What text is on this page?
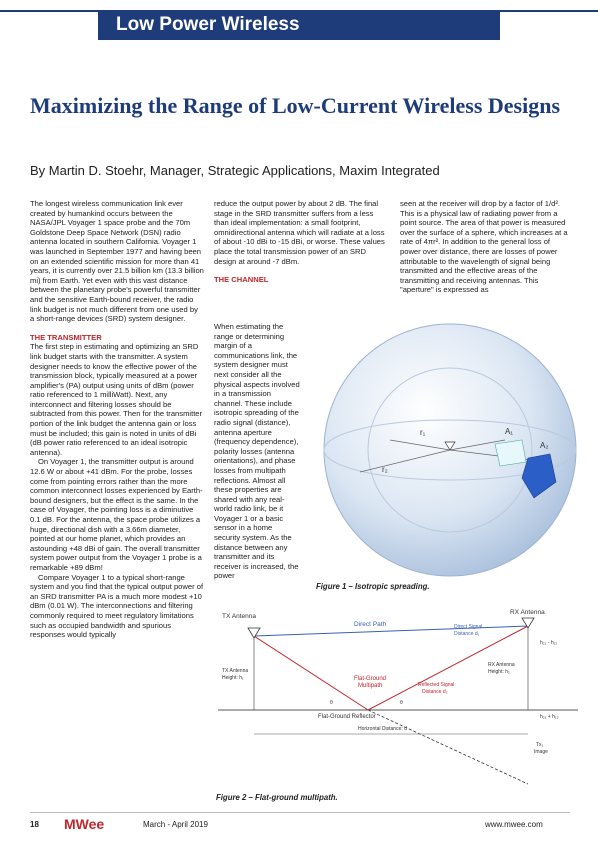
Low Power Wireless
Maximizing the Range of Low-Current Wireless Designs
By Martin D. Stoehr, Manager, Strategic Applications, Maxim Integrated

The longest wireless communication link ever created by humankind occurs between the NASA/JPL Voyager 1 space probe and the 70m Goldstone Deep Space Network (DSN) radio antenna located in southern California. Voyager 1 was launched in September 1977 and having been on an extended scientific mission for more than 41 years, it is currently over 21.5 billion km (13.3 billion mi) from Earth. Yet even with this vast distance between the planetary probe's powerful transmitter and the sensitive Earth-bound receiver, the radio link budget is not much different from one used by a short-range devices (SRD) system designer.

THE TRANSMITTER

The first step in estimating and optimizing an SRD link budget starts with the transmitter. A system designer needs to know the effective power of the transmission block, typically measured at a power amplifier's (PA) output using units of dBm (power ratio referenced to 1 milliWatt). Next, any interconnect and filtering losses should be subtracted from this power. Then for the transmitter portion of the link budget the antenna gain or loss must be included; this gain is noted in units of dBi (dB power ratio referenced to an ideal isotropic antenna).

On Voyager 1, the transmitter output is around 12.6 W or about +41 dBm. For the probe, losses come from pointing errors rather than the more common interconnect losses experienced by Earth-bound designers, but the effect is the same. In the case of Voyager, the pointing loss is a diminutive 0.1 dB. For the antenna, the space probe utilizes a huge, directional dish with a 3.66m diameter, pointed at our home planet, which provides an astounding +48 dBi of gain. The overall transmitter system power output from the Voyager 1 probe is a remarkable +89 dBm!

Compare Voyager 1 to a typical short-range system and you find that the typical output power of an SRD transmitter PA is a much more modest +10 dBm (0.01 W). The interconnections and filtering commonly required to meet regulatory limitations such as occupied bandwidth and spurious responses would typically

reduce the output power by about 2 dB. The final stage in the SRD transmitter suffers from a less than ideal implementation: a small footprint, omnidirectional antenna which will radiate at a loss of about -10 dBi to -15 dBi, or worse. These values place the total transmission power of an SRD design at around -7 dBm.

THE CHANNEL

When estimating the range or determining margin of a communications link, the system designer must next consider all the physical aspects involved in a transmission channel. These include isotropic spreading of the radio signal (distance), antenna aperture (frequency dependence), polarity losses (antenna orientations), and phase losses from multipath reflections. Almost all these properties are shared with any real-world radio link, be it Voyager 1 or a basic sensor in a home security system. As the distance between any transmitter and its receiver is increased, the power

seen at the receiver will drop by a factor of 1/d². This is a physical law of radiating power from a point source. The area of that power is measured over the surface of a sphere, which increases at a rate of 4πr². In addition to the general loss of power over distance, there are losses of power attributable to the wavelength of signal being transmitted and the effective areas of the transmitting and receiving antennas. This "aperture" is expressed as

r₁
r₂
A₁
A₂
Figure 1 – Isotropic spreading.
TX Antenna
RX Antenna
Direct Path	Direct Signal
Distance d₁
TX Antenna
Height: h₁
RX Antenna
Height: h₂
Flat-Ground
Multipath	Reflected Signal
Distance d₂
Flat-Ground Reflector
Horizontal Distance: d
h₂₁ - h₁₂
h₂₁ + h₁₂
Tx₁
Image
θ	θ
Figure 2 – Flat-ground multipath.
18 MWee	March - April 2019	www.mwee.com
